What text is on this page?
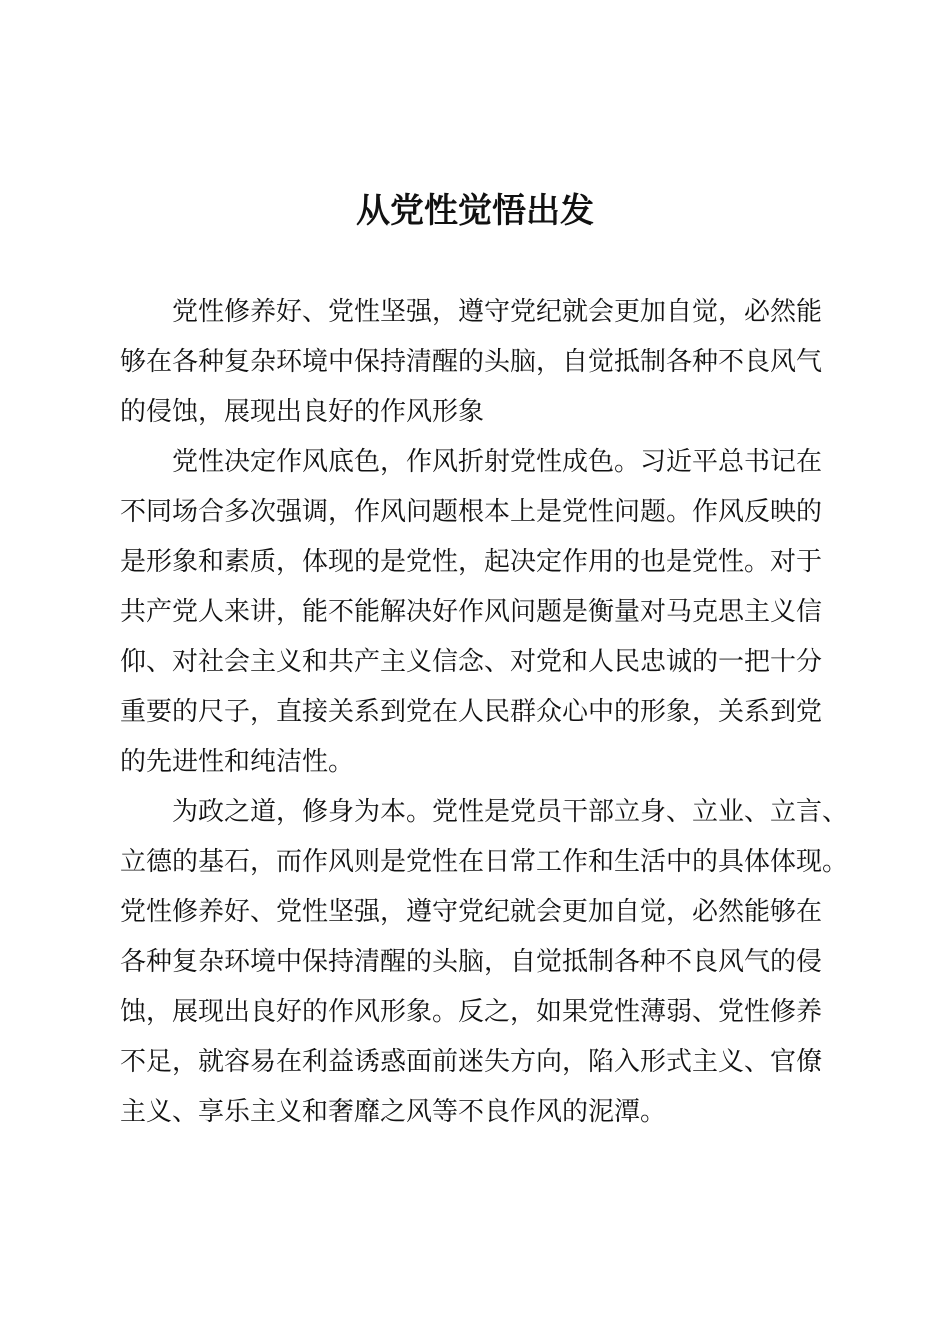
从党性觉悟出发
党性修养好、党性坚强，遵守党纪就会更加自觉，必然能
够在各种复杂环境中保持清醒的头脑，自觉抵制各种不良风气
的侵蚀，展现出良好的作风形象
党性决定作风底色，作风折射党性成色。习近平总书记在
不同场合多次强调，作风问题根本上是党性问题。作风反映的
是形象和素质，体现的是党性，起决定作用的也是党性。对于
共产党人来讲，能不能解决好作风问题是衡量对马克思主义信
仰、对社会主义和共产主义信念、对党和人民忠诚的一把十分
重要的尺子，直接关系到党在人民群众心中的形象，关系到党
的先进性和纯洁性。
为政之道，修身为本。党性是党员干部立身、立业、立言、
立德的基石，而作风则是党性在日常工作和生活中的具体体现。
党性修养好、党性坚强，遵守党纪就会更加自觉，必然能够在
各种复杂环境中保持清醒的头脑，自觉抵制各种不良风气的侵
蚀，展现出良好的作风形象。反之，如果党性薄弱、党性修养
不足，就容易在利益诱惑面前迷失方向，陷入形式主义、官僚
主义、享乐主义和奢靡之风等不良作风的泥潭。
